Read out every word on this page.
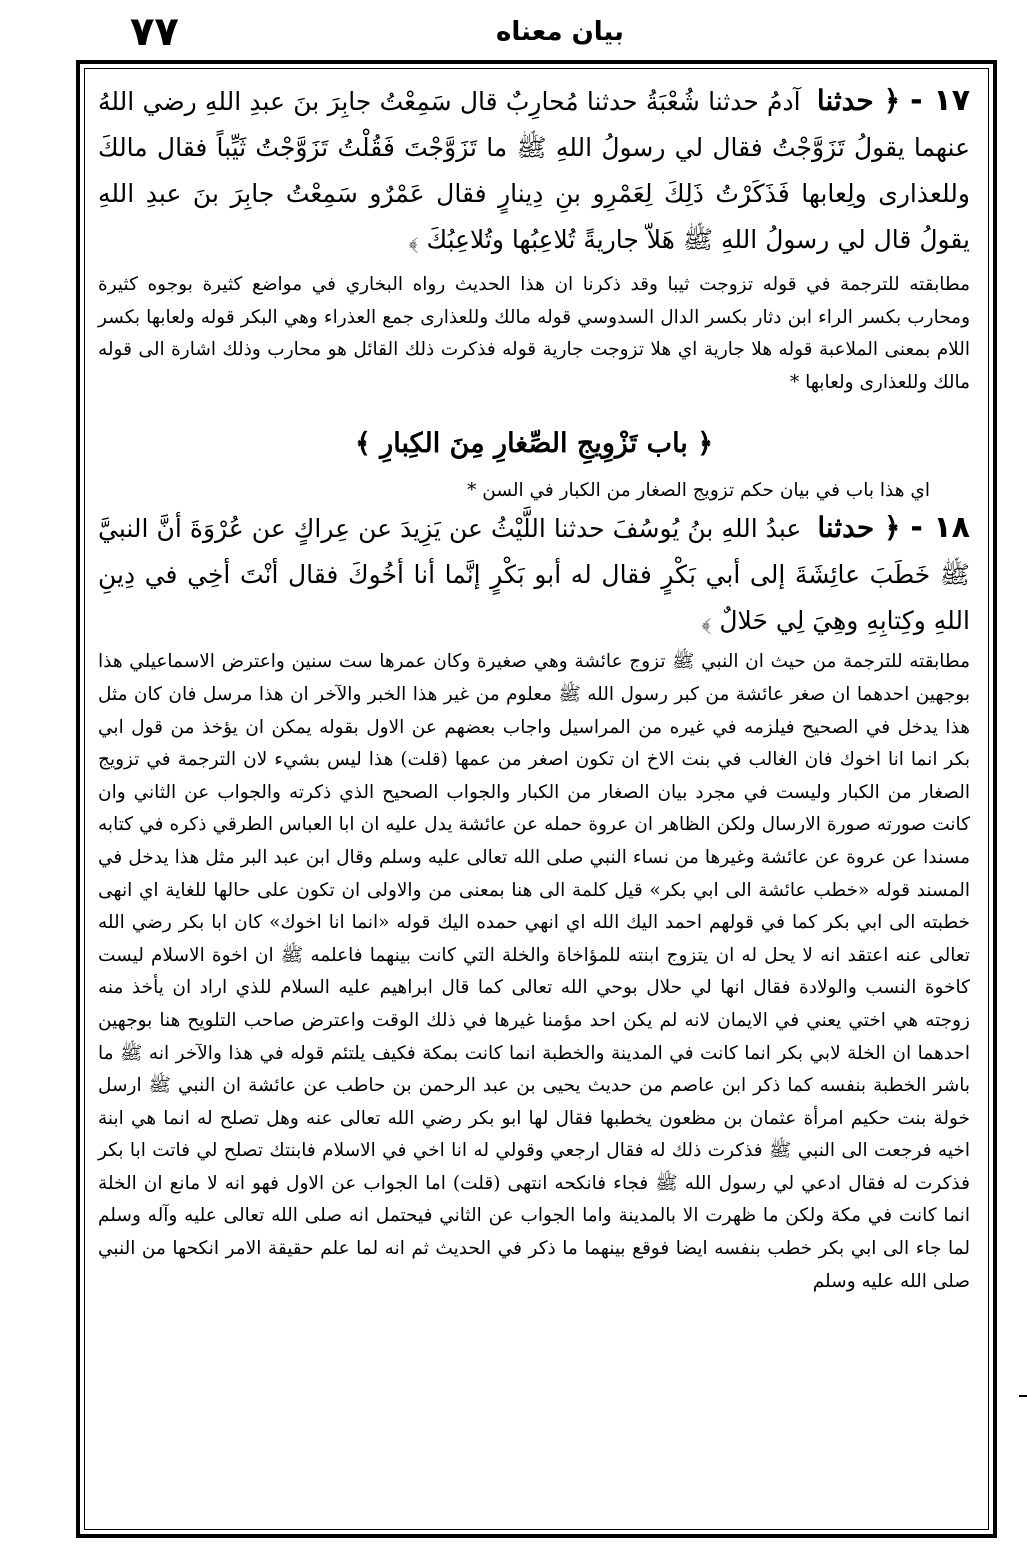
٧٧	بيان معناه

١٧ -﴿ حدثنا آدمُ حدثنا شُعْبَةُ حدثنا مُحارِبٌ قال سَمِعْتُ جابِرَ بنَ عبدِ اللهِ رضي اللهُ عنهما يقولُ تَزَوَّجْتُ فقال لي رسولُ اللهِ ﷺ ما تَزَوَّجْتَ فَقُلْتُ تَزَوَّجْتُ ثَيِّباً فقال مالكَ وللعذارى ولِعابها فَذَكَرْتُ ذَلِكَ لِعَمْرِو بنِ دِينارٍ فقال عَمْرٌو سَمِعْتُ جابِرَ بنَ عبدِ اللهِ يقولُ قال لي رسولُ اللهِ ﷺ هَلاّ جاريةً تُلاعِبُها وتُلاعِبُكَ ﴾

مطابقته للترجمة في قوله تزوجت ثيبا وقد ذكرنا ان هذا الحديث رواه البخاري في مواضع كثيرة بوجوه كثيرة ومحارب بكسر الراء ابن دثار بكسر الدال السدوسي قوله مالك وللعذارى جمع العذراء وهي البكر قوله ولعابها بكسر اللام بمعنى الملاعبة قوله هلا جارية اي هلا تزوجت جارية قوله فذكرت ذلك القائل هو محارب وذلك اشارة الى قوله مالك وللعذارى ولعابها *

﴿ باب تَزْوِيجِ الصِّغارِ مِنَ الكِبارِ ﴾

اي هذا باب في بيان حكم تزويج الصغار من الكبار في السن *

١٨ -﴿ حدثنا عبدُ اللهِ بنُ يُوسُفَ حدثنا اللَّيْثُ عن يَزِيدَ عن عِراكٍ عن عُرْوَةَ أنَّ النبيَّ ﷺ خَطَبَ عائِشَةَ إلى أبي بَكْرٍ فقال له أبو بَكْرٍ إنَّما أنا أخُوكَ فقال أنْتَ أخِي في دِينِ اللهِ وكِتابِهِ وهِيَ لِي حَلالٌ ﴾

مطابقته للترجمة من حيث ان النبي ﷺ تزوج عائشة وهي صغيرة وكان عمرها ست سنين واعترض الاسماعيلي هذا بوجهين احدهما ان صغر عائشة من كبر رسول الله ﷺ معلوم من غير هذا الخبر والآخر ان هذا مرسل فان كان مثل هذا يدخل في الصحيح فيلزمه في غيره من المراسيل واجاب بعضهم عن الاول بقوله يمكن ان يؤخذ من قول ابي بكر انما انا اخوك فان الغالب في بنت الاخ ان تكون اصغر من عمها (قلت) هذا ليس بشيء لان الترجمة في تزويج الصغار من الكبار وليست في مجرد بيان الصغار من الكبار والجواب الصحيح الذي ذكرته والجواب عن الثاني وان كانت صورته صورة الارسال ولكن الظاهر ان عروة حمله عن عائشة يدل عليه ان ابا العباس الطرقي ذكره في كتابه مسندا عن عروة عن عائشة وغيرها من نساء النبي صلى الله تعالى عليه وسلم وقال ابن عبد البر مثل هذا يدخل في المسند قوله «خطب عائشة الى ابي بكر» قيل كلمة الى هنا بمعنى من والاولى ان تكون على حالها للغاية اي انهى خطبته الى ابي بكر كما في قولهم احمد اليك الله اي انهي حمده اليك قوله «انما انا اخوك» كان ابا بكر رضي الله تعالى عنه اعتقد انه لا يحل له ان يتزوج ابنته للمؤاخاة والخلة التي كانت بينهما فاعلمه ﷺ ان اخوة الاسلام ليست كاخوة النسب والولادة فقال انها لي حلال بوحي الله تعالى كما قال ابراهيم عليه السلام للذي اراد ان يأخذ منه زوجته هي اختي يعني في الايمان لانه لم يكن احد مؤمنا غيرها في ذلك الوقت واعترض صاحب التلويح هنا بوجهين احدهما ان الخلة لابي بكر انما كانت في المدينة والخطبة انما كانت بمكة فكيف يلتئم قوله في هذا والآخر انه ﷺ ما باشر الخطبة بنفسه كما ذكر ابن عاصم من حديث يحيى بن عبد الرحمن بن حاطب عن عائشة ان النبي ﷺ ارسل خولة بنت حكيم امرأة عثمان بن مظعون يخطبها فقال لها ابو بكر رضي الله تعالى عنه وهل تصلح له انما هي ابنة اخيه فرجعت الى النبي ﷺ فذكرت ذلك له فقال ارجعي وقولي له انا اخي في الاسلام فابنتك تصلح لي فاتت ابا بكر فذكرت له فقال ادعي لي رسول الله ﷺ فجاء فانكحه انتهى (قلت) اما الجواب عن الاول فهو انه لا مانع ان الخلة انما كانت في مكة ولكن ما ظهرت الا بالمدينة واما الجواب عن الثاني فيحتمل انه صلى الله تعالى عليه وآله وسلم لما جاء الى ابي بكر خطب بنفسه ايضا فوقع بينهما ما ذكر في الحديث ثم انه لما علم حقيقة الامر انكحها من النبي صلى الله عليه وسلم
